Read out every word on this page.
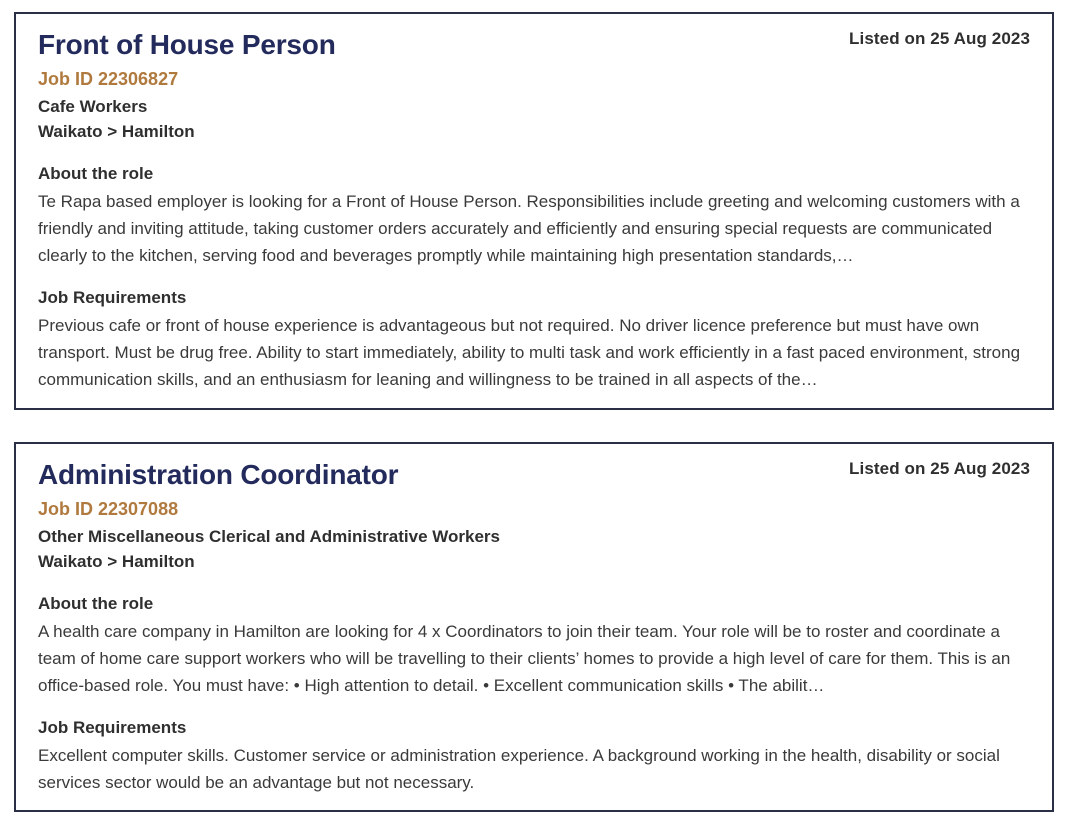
Listed on 25 Aug 2023
Front of House Person
Job ID 22306827
Cafe Workers
Waikato > Hamilton
About the role
Te Rapa based employer is looking for a Front of House Person. Responsibilities include greeting and welcoming customers with a friendly and inviting attitude, taking customer orders accurately and efficiently and ensuring special requests are communicated clearly to the kitchen, serving food and beverages promptly while maintaining high presentation standards,…
Job Requirements
Previous cafe or front of house experience is advantageous but not required. No driver licence preference but must have own transport. Must be drug free. Ability to start immediately, ability to multi task and work efficiently in a fast paced environment, strong communication skills, and an enthusiasm for leaning and willingness to be trained in all aspects of the…
Listed on 25 Aug 2023
Administration Coordinator
Job ID 22307088
Other Miscellaneous Clerical and Administrative Workers
Waikato > Hamilton
About the role
A health care company in Hamilton are looking for 4 x Coordinators to join their team. Your role will be to roster and coordinate a team of home care support workers who will be travelling to their clients’ homes to provide a high level of care for them. This is an office-based role. You must have: • High attention to detail. • Excellent communication skills • The abilit…
Job Requirements
Excellent computer skills. Customer service or administration experience. A background working in the health, disability or social services sector would be an advantage but not necessary.
